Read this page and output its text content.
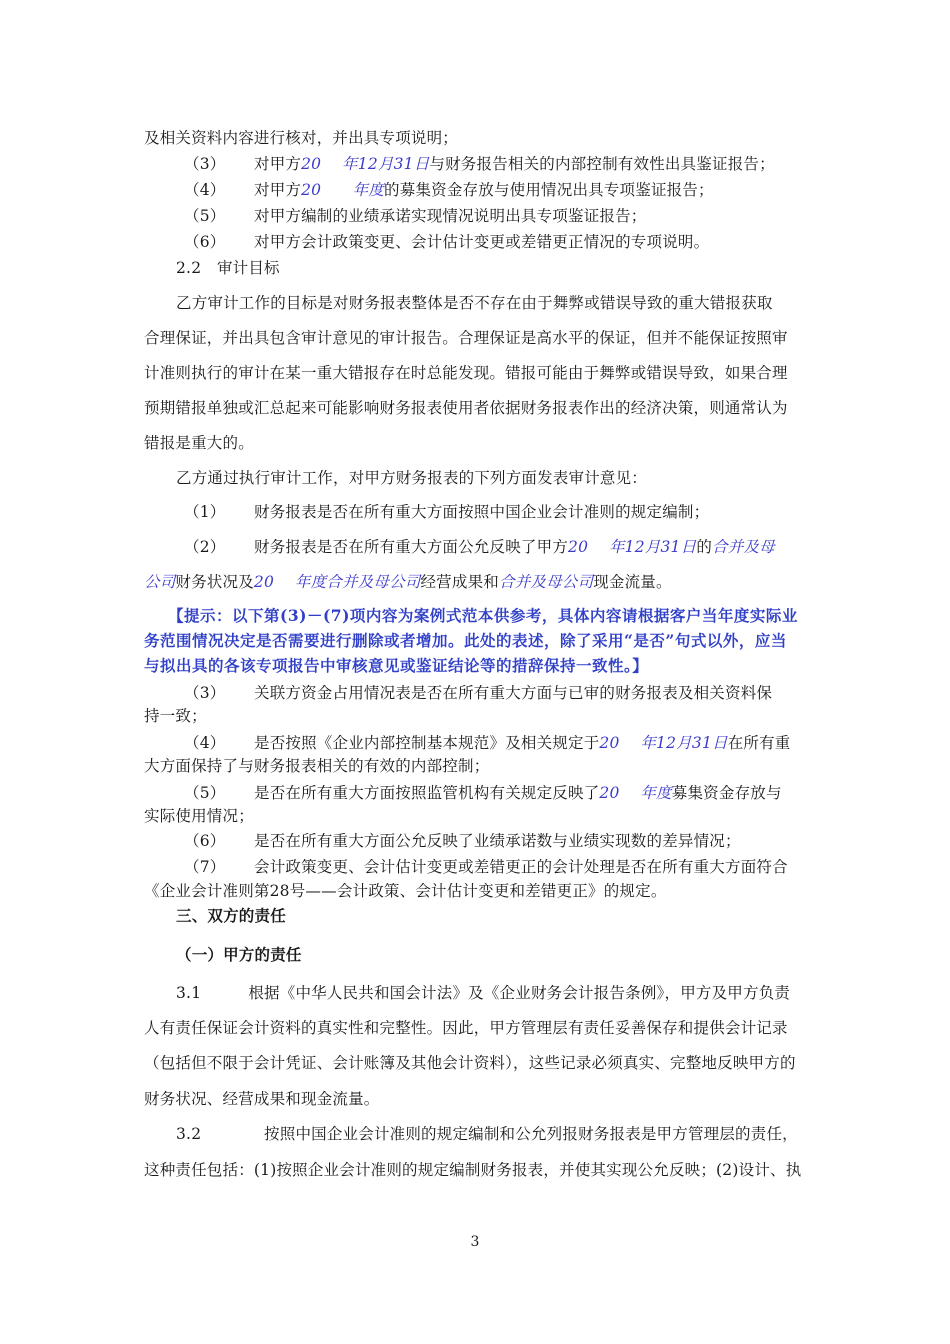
及相关资料内容进行核对，并出具专项说明；
（3） 对甲方20　 年12月31日与财务报告相关的内部控制有效性出具鉴证报告；
（4） 对甲方20　　年度的募集资金存放与使用情况出具专项鉴证报告；
（5） 对甲方编制的业绩承诺实现情况说明出具专项鉴证报告；
（6） 对甲方会计政策变更、会计估计变更或差错更正情况的专项说明。
2.2　审计目标
乙方审计工作的目标是对财务报表整体是否不存在由于舞弊或错误导致的重大错报获取
合理保证，并出具包含审计意见的审计报告。合理保证是高水平的保证，但并不能保证按照审
计准则执行的审计在某一重大错报存在时总能发现。错报可能由于舞弊或错误导致，如果合理
预期错报单独或汇总起来可能影响财务报表使用者依据财务报表作出的经济决策，则通常认为
错报是重大的。
乙方通过执行审计工作，对甲方财务报表的下列方面发表审计意见：
（1） 财务报表是否在所有重大方面按照中国企业会计准则的规定编制；
（2） 财务报表是否在所有重大方面公允反映了甲方20　 年12月31日的合并及母
公司财务状况及20　 年度合并及母公司经营成果和合并及母公司现金流量。
【提示：以下第(3)－(7)项内容为案例式范本供参考，具体内容请根据客户当年度实际业
务范围情况决定是否需要进行删除或者增加。此处的表述，除了采用“是否”句式以外，应当
与拟出具的各该专项报告中审核意见或鉴证结论等的措辞保持一致性。】
（3） 关联方资金占用情况表是否在所有重大方面与已审的财务报表及相关资料保
持一致；
（4） 是否按照《企业内部控制基本规范》及相关规定于20　 年12月31日在所有重
大方面保持了与财务报表相关的有效的内部控制；
（5） 是否在所有重大方面按照监管机构有关规定反映了20　 年度募集资金存放与
实际使用情况；
（6） 是否在所有重大方面公允反映了业绩承诺数与业绩实现数的差异情况；
（7） 会计政策变更、会计估计变更或差错更正的会计处理是否在所有重大方面符合
《企业会计准则第28号——会计政策、会计估计变更和差错更正》的规定。
三、双方的责任
（一）甲方的责任
3.1　　　根据《中华人民共和国会计法》及《企业财务会计报告条例》，甲方及甲方负责
人有责任保证会计资料的真实性和完整性。因此，甲方管理层有责任妥善保存和提供会计记录
（包括但不限于会计凭证、会计账簿及其他会计资料），这些记录必须真实、完整地反映甲方的
财务状况、经营成果和现金流量。
3.2　　　　按照中国企业会计准则的规定编制和公允列报财务报表是甲方管理层的责任，
这种责任包括：(1)按照企业会计准则的规定编制财务报表，并使其实现公允反映；(2)设计、执
3
